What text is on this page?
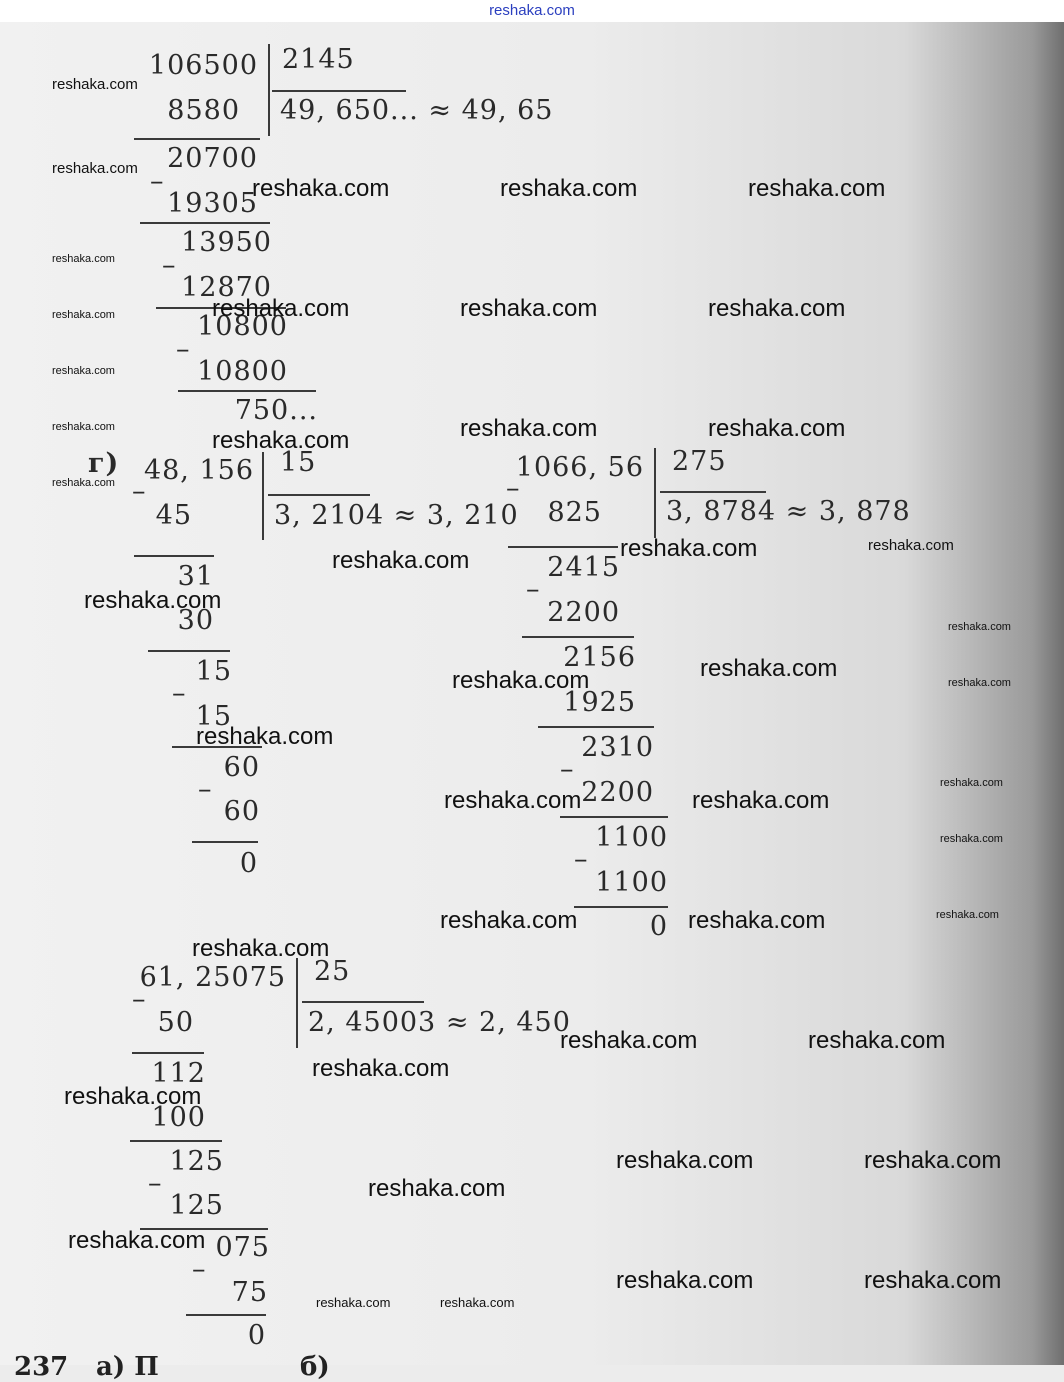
reshaka.com
106500 2145
49, 650... ≈ 49, 65
8580
20700
–
19305
13950
–
12870
10800
–
10800
750...
г) 48, 156
–
15
3, 2104 ≈ 3, 210
45
31
30
15
–
15
60
–
60
0
1066, 56
–
275
3, 8784 ≈ 3, 878
825
2415
–
2200
2156
1925
2310
–
2200
1100
–
1100
0
61, 25075
–
25
2, 45003 ≈ 2, 450
50
112
100
125
–
125
075
–
75
0
237 а) П	б)
reshaka.com
reshaka.com
reshaka.com	reshaka.com	reshaka.com
reshaka.com
reshaka.com	reshaka.com	reshaka.com	reshaka.com
reshaka.com
reshaka.com	reshaka.com	reshaka.com	reshaka.com
reshaka.com
reshaka.com	reshaka.com	reshaka.com
reshaka.com
reshaka.com
reshaka.com	reshaka.com
reshaka.com
reshaka.com
reshaka.com
reshaka.com	reshaka.com
reshaka.com
reshaka.com	reshaka.com	reshaka.com
reshaka.com
reshaka.com	reshaka.com
reshaka.com
reshaka.com
reshaka.com	reshaka.com
reshaka.com
reshaka.com
reshaka.com	reshaka.com
reshaka.com	reshaka.com
